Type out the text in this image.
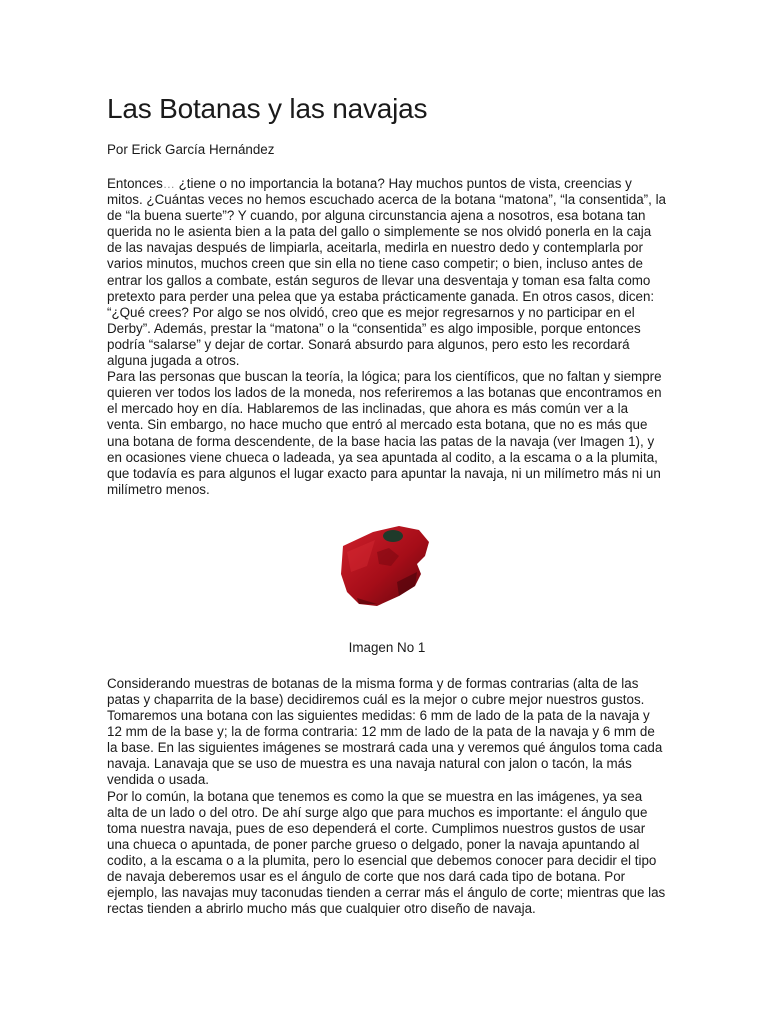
Las Botanas y las navajas

Por Erick García Hernández

Entonces… ¿tiene o no importancia la botana? Hay muchos puntos de vista, creencias y mitos. ¿Cuántas veces no hemos escuchado acerca de la botana “matona”, “la consentida”, la de “la buena suerte”? Y cuando, por alguna circunstancia ajena a nosotros, esa botana tan querida no le asienta bien a la pata del gallo o simplemente se nos olvidó ponerla en la caja de las navajas después de limpiarla, aceitarla, medirla en nuestro dedo y contemplarla por varios minutos, muchos creen que sin ella no tiene caso competir; o bien, incluso antes de entrar los gallos a combate, están seguros de llevar una desventaja y toman esa falta como pretexto para perder una pelea que ya estaba prácticamente ganada. En otros casos, dicen: “¿Qué crees? Por algo se nos olvidó, creo que es mejor regresarnos y no participar en el Derby”. Además, prestar la “matona” o la “consentida” es algo imposible, porque entonces podría “salarse” y dejar de cortar. Sonará absurdo para algunos, pero esto les recordará alguna jugada a otros.

Para las personas que buscan la teoría, la lógica; para los científicos, que no faltan y siempre quieren ver todos los lados de la moneda, nos referiremos a las botanas que encontramos en el mercado hoy en día. Hablaremos de las inclinadas, que ahora es más común ver a la venta. Sin embargo, no hace mucho que entró al mercado esta botana, que no es más que una botana de forma descendente, de la base hacia las patas de la navaja (ver Imagen 1), y en ocasiones viene chueca o ladeada, ya sea apuntada al codito, a la escama o a la plumita, que todavía es para algunos el lugar exacto para apuntar la navaja, ni un milímetro más ni un milímetro menos.

Imagen No 1

Considerando muestras de botanas de la misma forma y de formas contrarias (alta de las patas y chaparrita de la base) decidiremos cuál es la mejor o cubre mejor nuestros gustos. Tomaremos una botana con las siguientes medidas: 6 mm de lado de la pata de la navaja y 12 mm de la base y; la de forma contraria: 12 mm de lado de la pata de la navaja y 6 mm de la base. En las siguientes imágenes se mostrará cada una y veremos qué ángulos toma cada navaja. Lanavaja que se uso de muestra es una navaja natural con jalon o tacón, la más vendida o usada.

Por lo común, la botana que tenemos es como la que se muestra en las imágenes, ya sea alta de un lado o del otro. De ahí surge algo que para muchos es importante: el ángulo que toma nuestra navaja, pues de eso dependerá el corte. Cumplimos nuestros gustos de usar una chueca o apuntada, de poner parche grueso o delgado, poner la navaja apuntando al codito, a la escama o a la plumita, pero lo esencial que debemos conocer para decidir el tipo de navaja deberemos usar es el ángulo de corte que nos dará cada tipo de botana. Por ejemplo, las navajas muy taconudas tienden a cerrar más el ángulo de corte; mientras que las rectas tienden a abrirlo mucho más que cualquier otro diseño de navaja.
